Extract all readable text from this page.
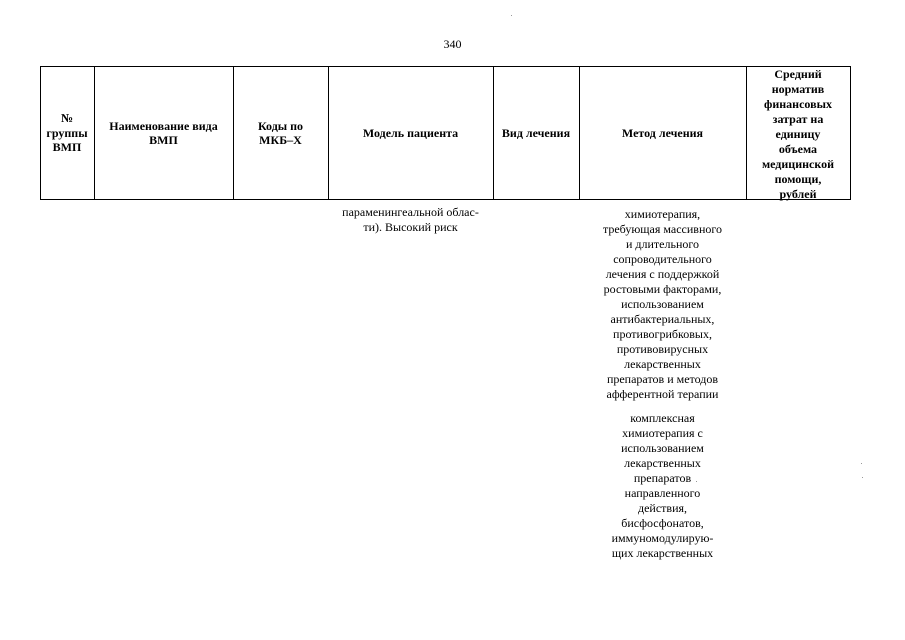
340
№
группы
ВМП
Наименование вида
ВМП
Коды по
МКБ–Х
Модель пациента	Вид лечения	Метод лечения
Средний
норматив
финансовых
затрат на
единицу
объема
медицинской
помощи,
рублей
параменингеальной облас-
ти). Высокий риск
химиотерапия,
требующая массивного
и длительного
сопроводительного
лечения с поддержкой
ростовыми факторами,
использованием
антибактериальных,
противогрибковых,
противовирусных
лекарственных
препаратов и методов
афферентной терапии
комплексная
химиотерапия с
использованием
лекарственных
препаратов
направленного
действия,
бисфосфонатов,
иммуномодулирую-
щих лекарственных
